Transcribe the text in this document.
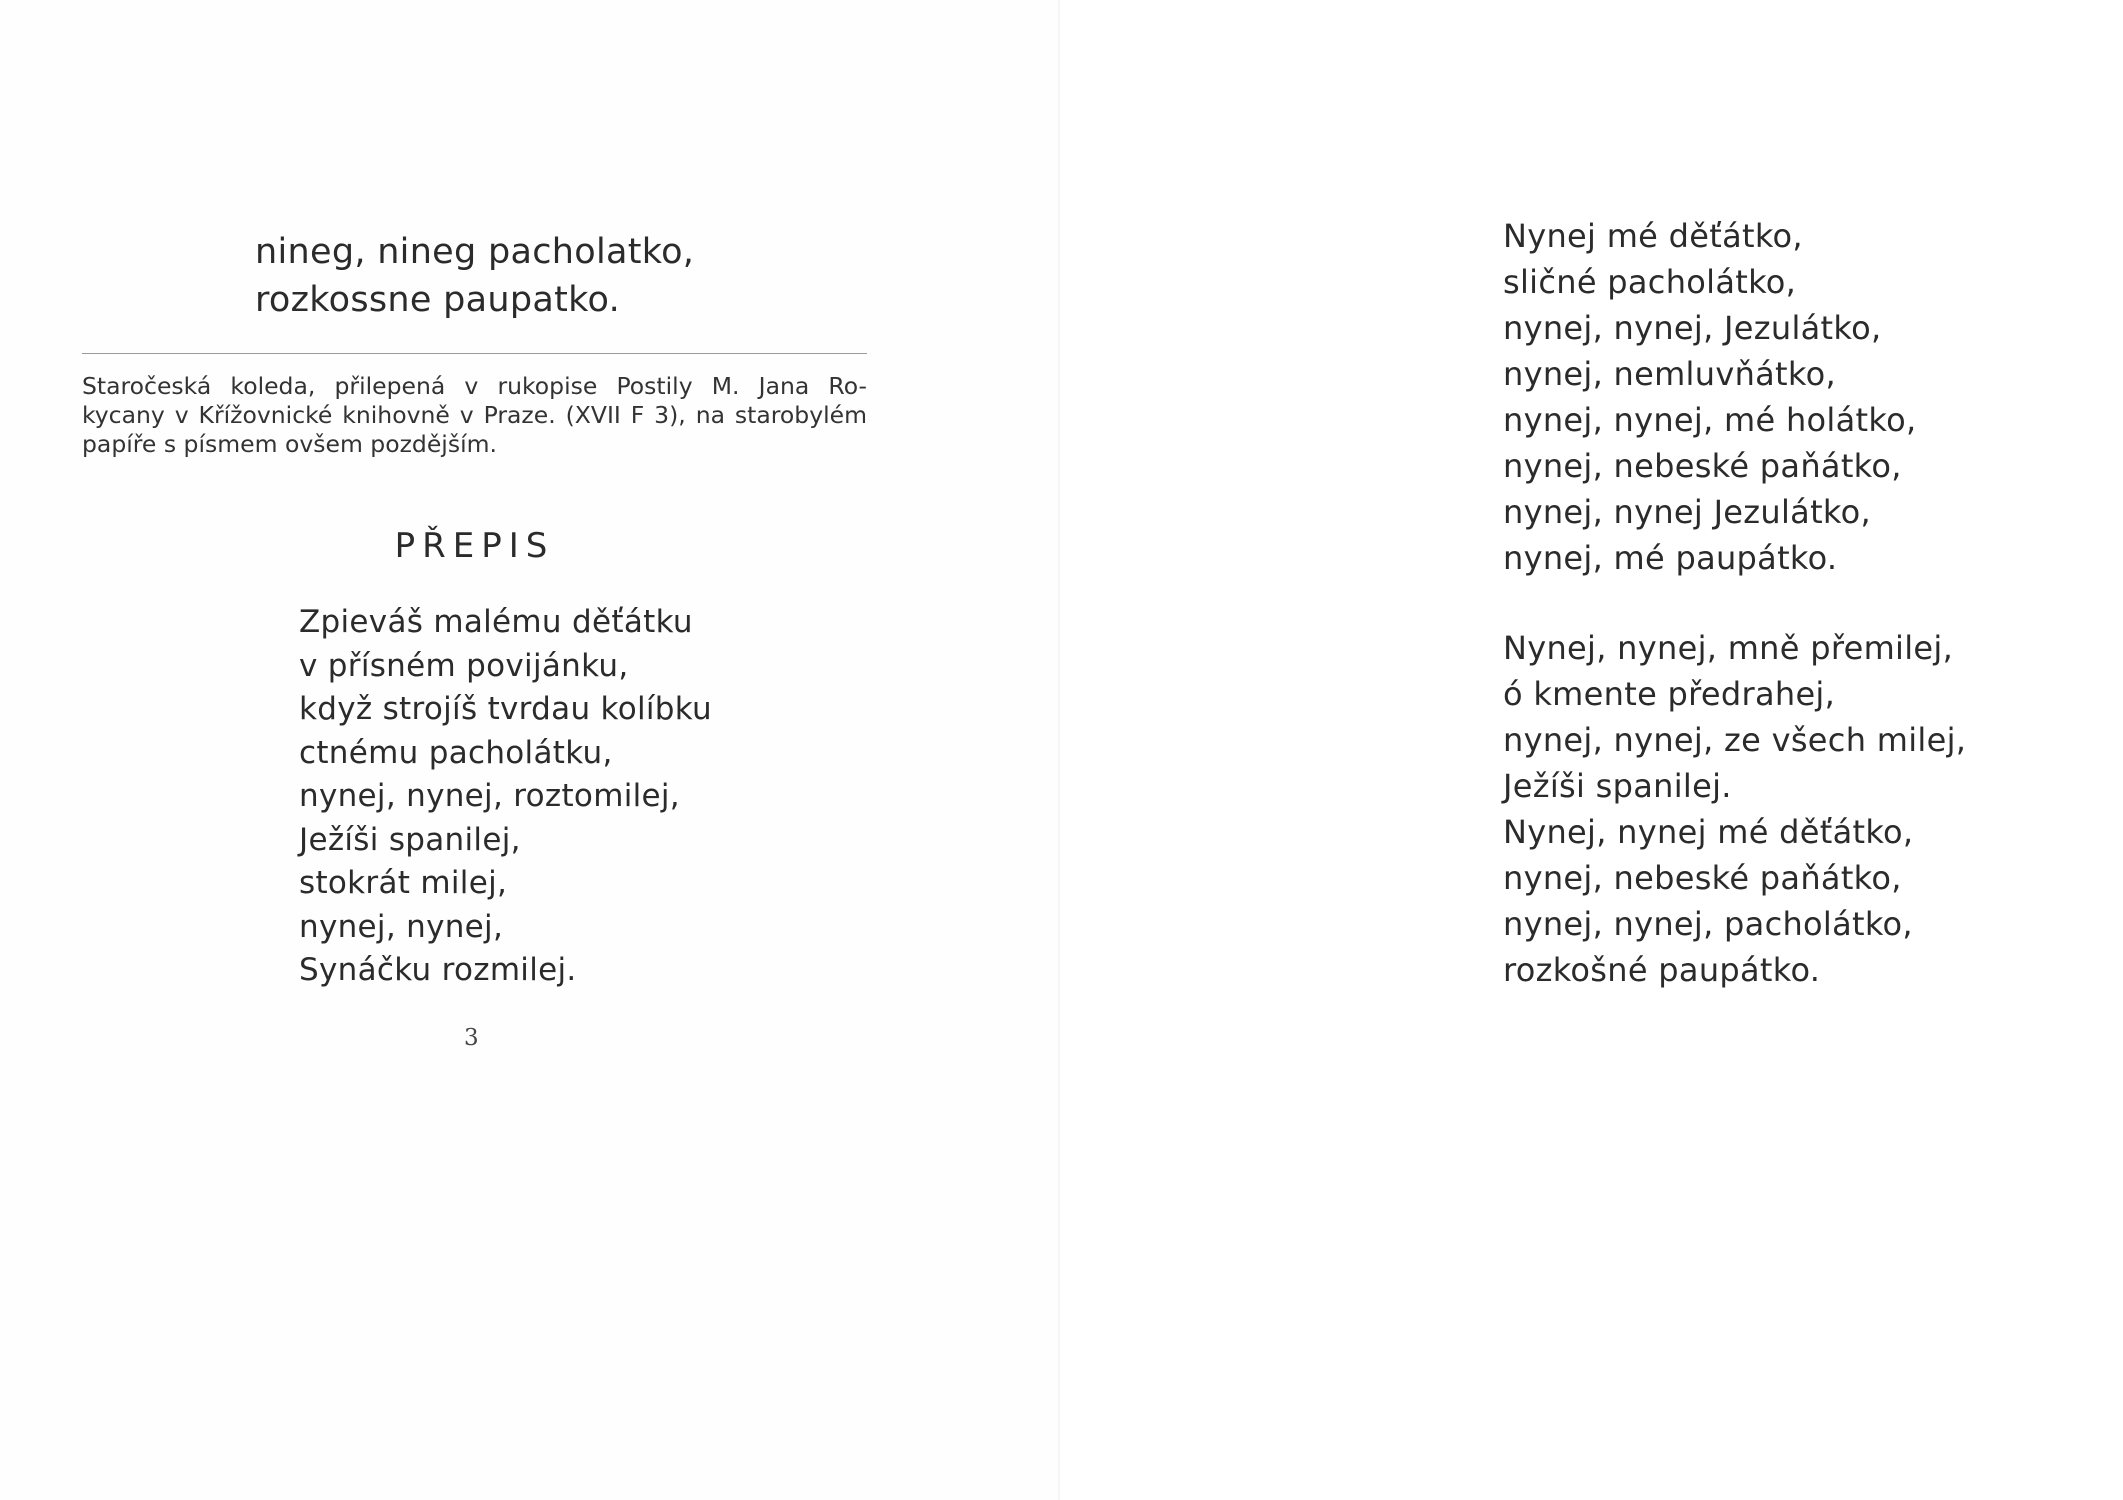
nineg, nineg pacholatko,
rozkossne paupatko.
Staročeská koleda, přilepená v rukopise Postily M. Jana Ro-
kycany v Křížovnické knihovně v Praze. (XVII F 3), na starobylém
papíře s písmem ovšem pozdějším.
PŘEPIS
Zpieváš malému děťátku
v přísném povijánku,
když strojíš tvrdau kolíbku
ctnému pacholátku,
nynej, nynej, roztomilej,
Ježíši spanilej,
stokrát milej,
nynej, nynej,
Synáčku rozmilej.
3
Nynej mé děťátko,
sličné pacholátko,
nynej, nynej, Jezulátko,
nynej, nemluvňátko,
nynej, nynej, mé holátko,
nynej, nebeské paňátko,
nynej, nynej Jezulátko,
nynej, mé paupátko.
Nynej, nynej, mně přemilej,
ó kmente předrahej,
nynej, nynej, ze všech milej,
Ježíši spanilej.
Nynej, nynej mé děťátko,
nynej, nebeské paňátko,
nynej, nynej, pacholátko,
rozkošné paupátko.
